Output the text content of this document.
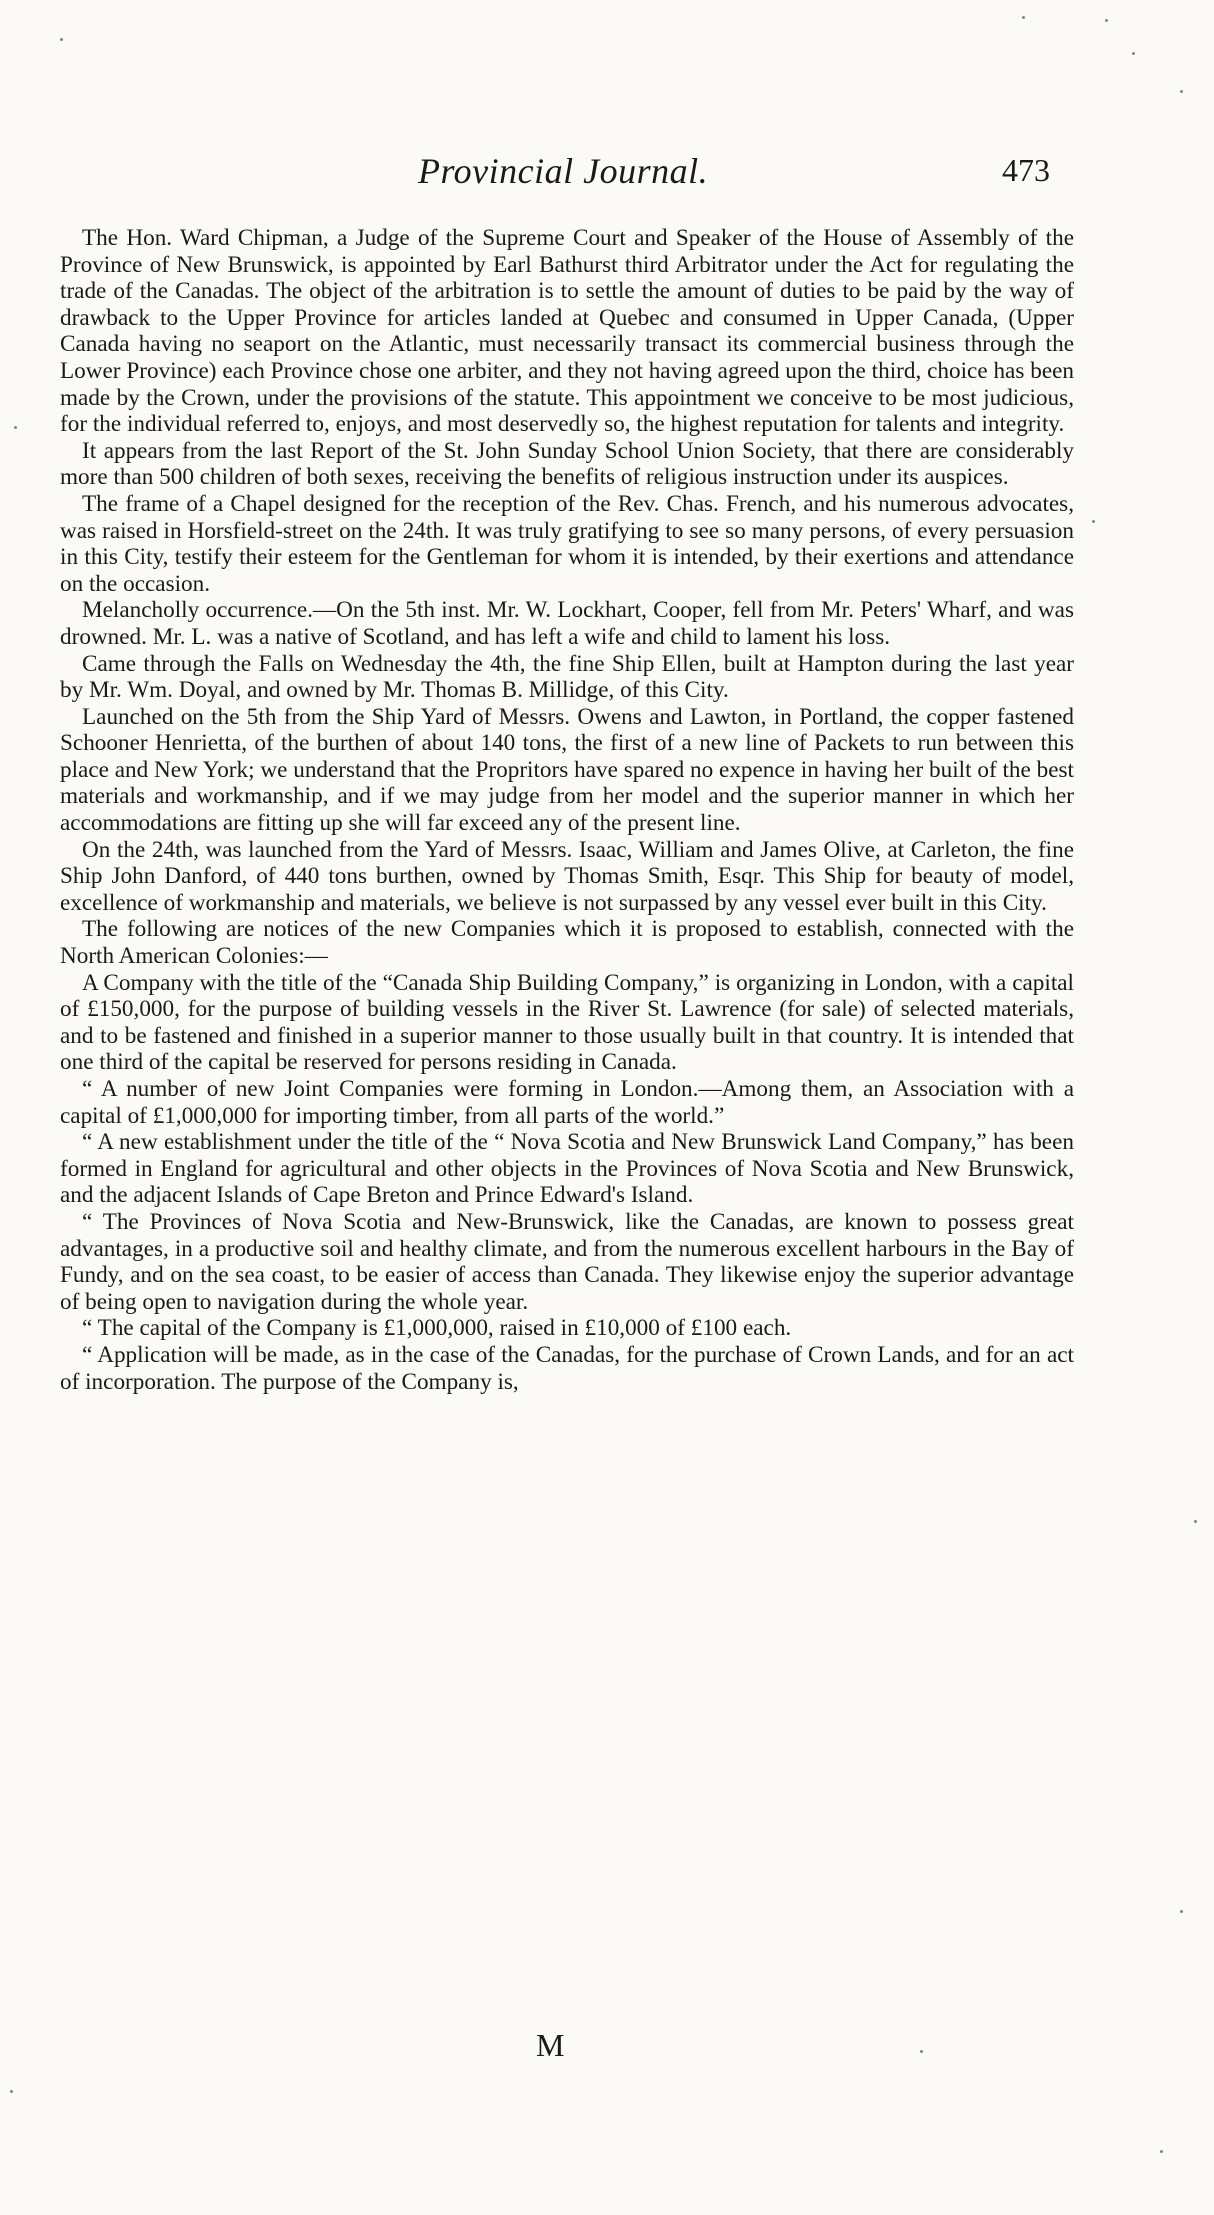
Provincial Journal.	473

The Hon. Ward Chipman, a Judge of the Supreme Court and Speaker of the House of Assembly of the Province of New Brunswick, is appointed by Earl Bathurst third Arbitrator under the Act for regulating the trade of the Canadas. The object of the arbitration is to settle the amount of duties to be paid by the way of drawback to the Upper Province for articles landed at Quebec and consumed in Upper Canada, (Upper Canada having no seaport on the Atlantic, must necessarily transact its commercial business through the Lower Province) each Province chose one arbiter, and they not having agreed upon the third, choice has been made by the Crown, under the provisions of the statute. This appointment we conceive to be most judicious, for the individual referred to, enjoys, and most deservedly so, the highest reputation for talents and integrity.

It appears from the last Report of the St. John Sunday School Union Society, that there are considerably more than 500 children of both sexes, receiving the benefits of religious instruction under its auspices.

The frame of a Chapel designed for the reception of the Rev. Chas. French, and his numerous advocates, was raised in Horsfield-street on the 24th. It was truly gratifying to see so many persons, of every persuasion in this City, testify their esteem for the Gentleman for whom it is intended, by their exertions and attendance on the occasion.

Melancholly occurrence.—On the 5th inst. Mr. W. Lockhart, Cooper, fell from Mr. Peters' Wharf, and was drowned. Mr. L. was a native of Scotland, and has left a wife and child to lament his loss.

Came through the Falls on Wednesday the 4th, the fine Ship Ellen, built at Hampton during the last year by Mr. Wm. Doyal, and owned by Mr. Thomas B. Millidge, of this City.

Launched on the 5th from the Ship Yard of Messrs. Owens and Lawton, in Portland, the copper fastened Schooner Henrietta, of the burthen of about 140 tons, the first of a new line of Packets to run between this place and New York; we understand that the Propritors have spared no expence in having her built of the best materials and workmanship, and if we may judge from her model and the superior manner in which her accommodations are fitting up she will far exceed any of the present line.

On the 24th, was launched from the Yard of Messrs. Isaac, William and James Olive, at Carleton, the fine Ship John Danford, of 440 tons burthen, owned by Thomas Smith, Esqr. This Ship for beauty of model, excellence of workmanship and materials, we believe is not surpassed by any vessel ever built in this City.

The following are notices of the new Companies which it is proposed to establish, connected with the North American Colonies:—

A Company with the title of the “Canada Ship Building Company,” is organizing in London, with a capital of £150,000, for the purpose of building vessels in the River St. Lawrence (for sale) of selected materials, and to be fastened and finished in a superior manner to those usually built in that country. It is intended that one third of the capital be reserved for persons residing in Canada.

“ A number of new Joint Companies were forming in London.—Among them, an Association with a capital of £1,000,000 for importing timber, from all parts of the world.”

“ A new establishment under the title of the “ Nova Scotia and New Brunswick Land Company,” has been formed in England for agricultural and other objects in the Provinces of Nova Scotia and New Brunswick, and the adjacent Islands of Cape Breton and Prince Edward's Island.

“ The Provinces of Nova Scotia and New-Brunswick, like the Canadas, are known to possess great advantages, in a productive soil and healthy climate, and from the numerous excellent harbours in the Bay of Fundy, and on the sea coast, to be easier of access than Canada. They likewise enjoy the superior advantage of being open to navigation during the whole year.

“ The capital of the Company is £1,000,000, raised in £10,000 of £100 each.

“ Application will be made, as in the case of the Canadas, for the purchase of Crown Lands, and for an act of incorporation. The purpose of the Company is,

M
